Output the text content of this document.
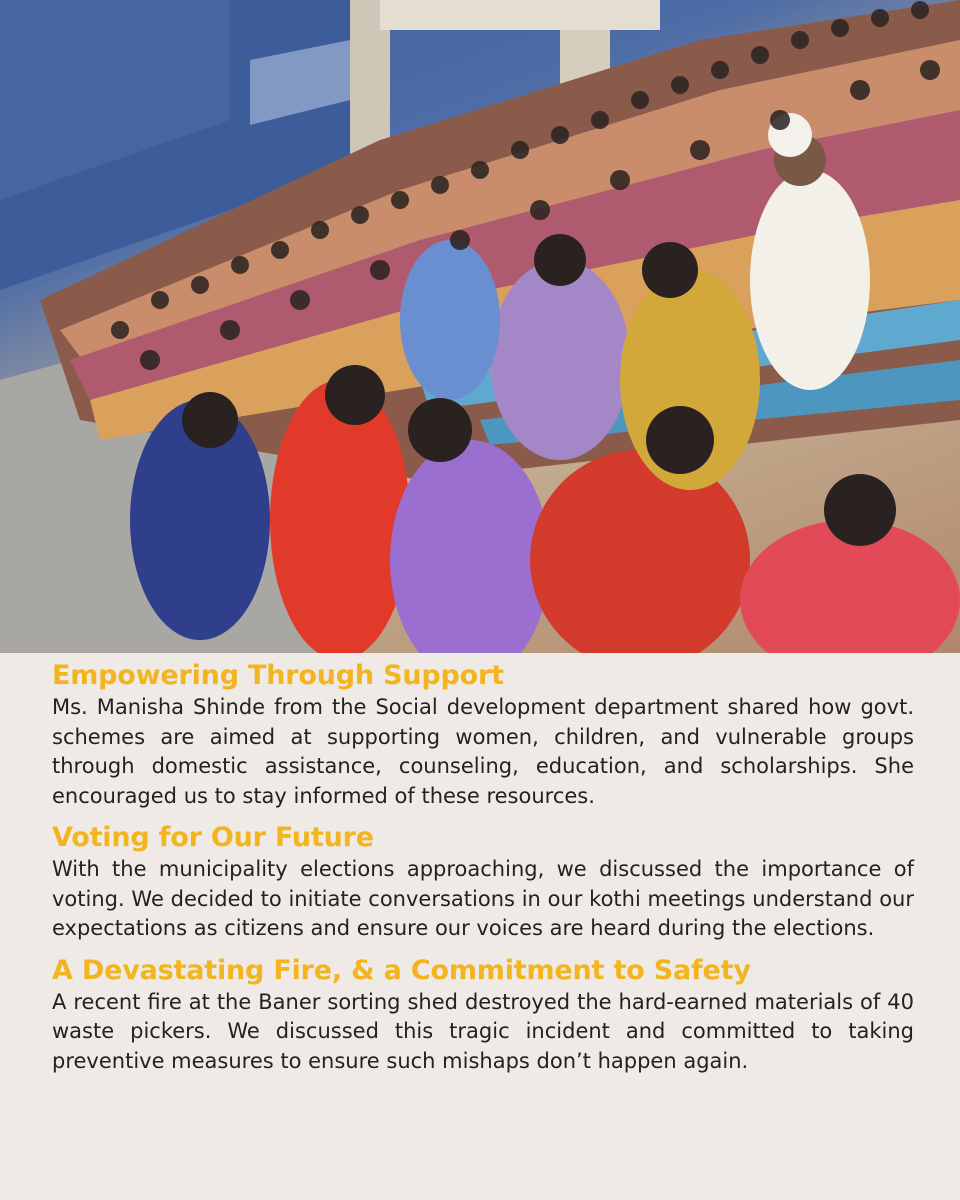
Empowering Through Support

Ms. Manisha Shinde from the Social development department shared how govt. schemes are aimed at supporting women, children, and vulnerable groups through domestic assistance, counseling, education, and scholarships. She encouraged us to stay informed of these resources.

Voting for Our Future

With the municipality elections approaching, we discussed the importance of voting. We decided to initiate conversations in our kothi meetings understand our expectations as citizens and ensure our voices are heard during the elections.

A Devastating Fire, & a Commitment to Safety

A recent fire at the Baner sorting shed destroyed the hard-earned materials of 40 waste pickers. We discussed this tragic incident and committed to taking preventive measures to ensure such mishaps don’t happen again.
